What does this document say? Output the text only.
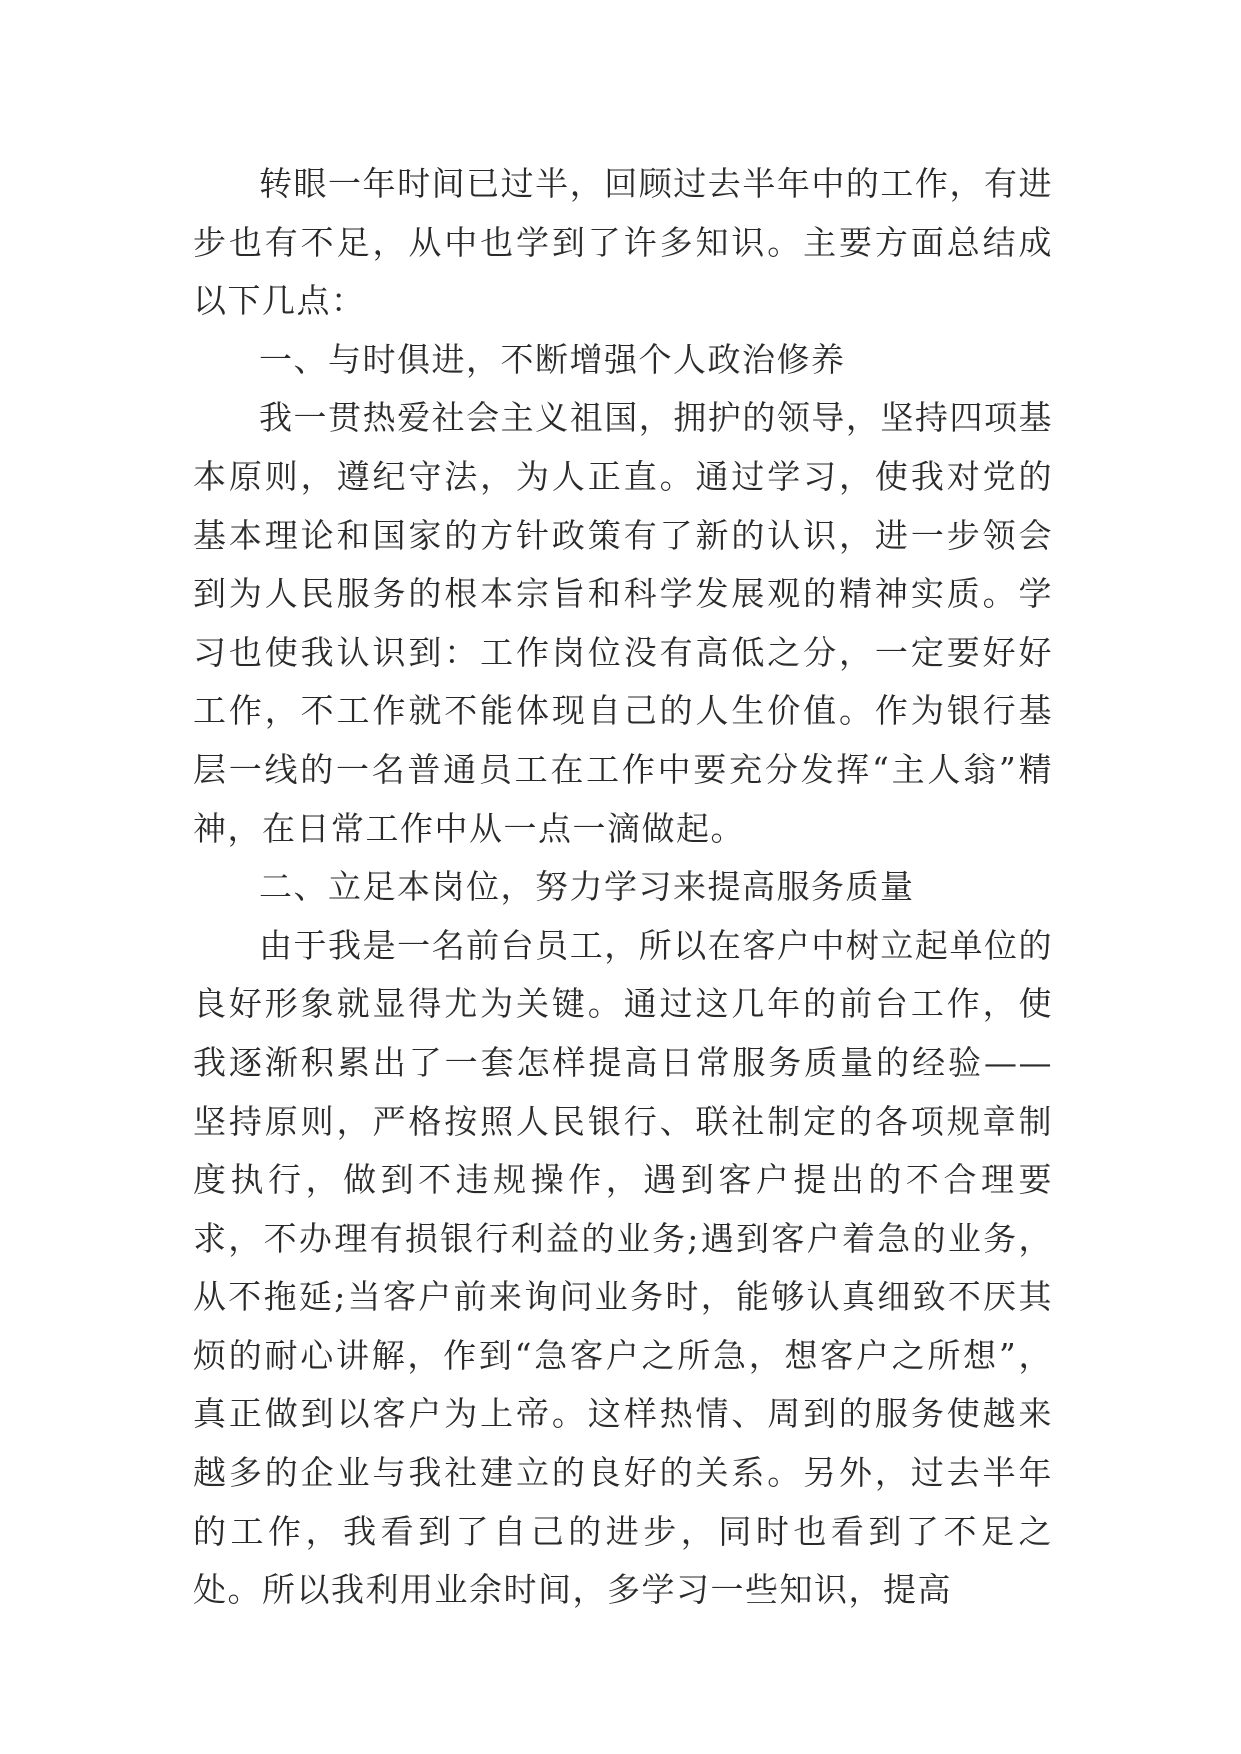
转眼一年时间已过半，回顾过去半年中的工作，有进步也有不足，从中也学到了许多知识。主要方面总结成以下几点：

一、与时俱进，不断增强个人政治修养

我一贯热爱社会主义祖国，拥护的领导，坚持四项基本原则，遵纪守法，为人正直。通过学习，使我对党的基本理论和国家的方针政策有了新的认识，进一步领会到为人民服务的根本宗旨和科学发展观的精神实质。学习也使我认识到：工作岗位没有高低之分，一定要好好工作，不工作就不能体现自己的人生价值。作为银行基层一线的一名普通员工在工作中要充分发挥“主人翁”精神，在日常工作中从一点一滴做起。

二、立足本岗位，努力学习来提高服务质量

由于我是一名前台员工，所以在客户中树立起单位的良好形象就显得尤为关键。通过这几年的前台工作，使我逐渐积累出了一套怎样提高日常服务质量的经验——坚持原则，严格按照人民银行、联社制定的各项规章制度执行，做到不违规操作，遇到客户提出的不合理要求，不办理有损银行利益的业务;遇到客户着急的业务，从不拖延;当客户前来询问业务时，能够认真细致不厌其烦的耐心讲解，作到“急客户之所急，想客户之所想”，真正做到以客户为上帝。这样热情、周到的服务使越来越多的企业与我社建立的良好的关系。另外，过去半年的工作，我看到了自己的进步，同时也看到了不足之处。所以我利用业余时间，多学习一些知识，提高
